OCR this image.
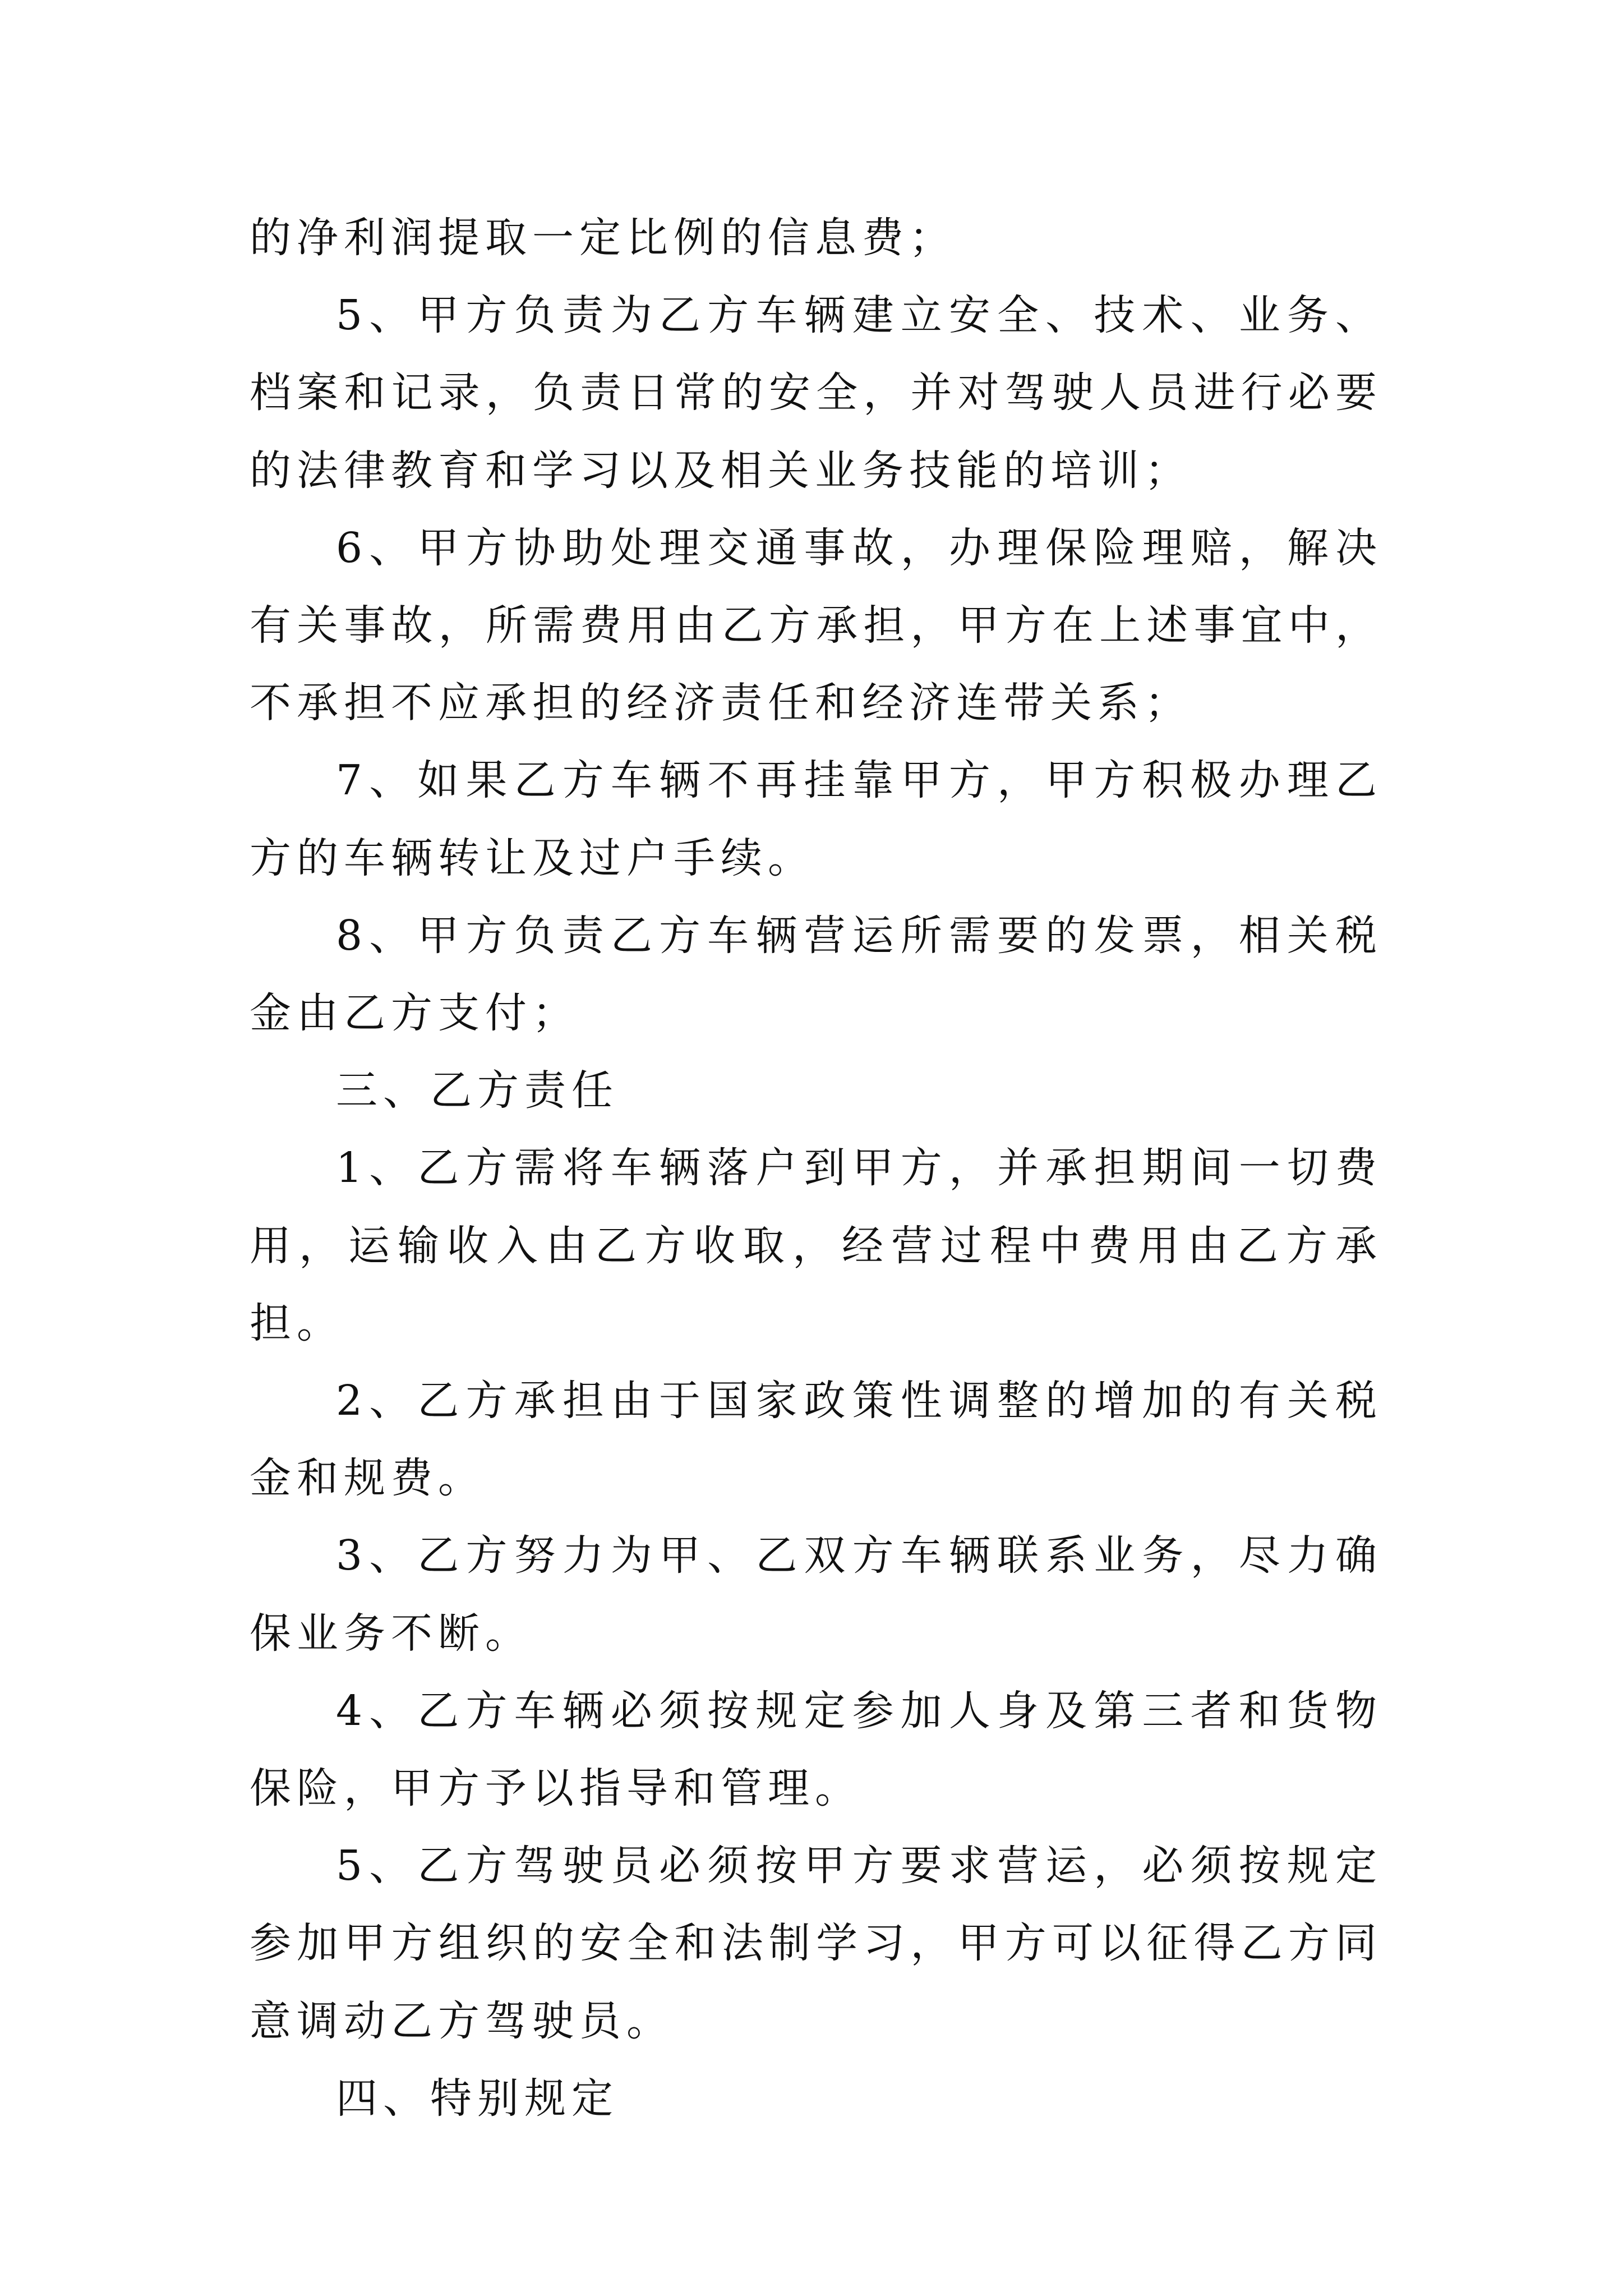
的净利润提取一定比例的信息费；

5、甲方负责为乙方车辆建立安全、技术、业务、档案和记录，负责日常的安全，并对驾驶人员进行必要的法律教育和学习以及相关业务技能的培训；

6、甲方协助处理交通事故，办理保险理赔，解决有关事故，所需费用由乙方承担，甲方在上述事宜中，不承担不应承担的经济责任和经济连带关系；

7、如果乙方车辆不再挂靠甲方，甲方积极办理乙方的车辆转让及过户手续。

8、甲方负责乙方车辆营运所需要的发票，相关税金由乙方支付；

三、乙方责任

1、乙方需将车辆落户到甲方，并承担期间一切费用，运输收入由乙方收取，经营过程中费用由乙方承担。

2、乙方承担由于国家政策性调整的增加的有关税金和规费。

3、乙方努力为甲、乙双方车辆联系业务，尽力确保业务不断。

4、乙方车辆必须按规定参加人身及第三者和货物保险，甲方予以指导和管理。

5、乙方驾驶员必须按甲方要求营运，必须按规定参加甲方组织的安全和法制学习，甲方可以征得乙方同意调动乙方驾驶员。

四、特别规定
